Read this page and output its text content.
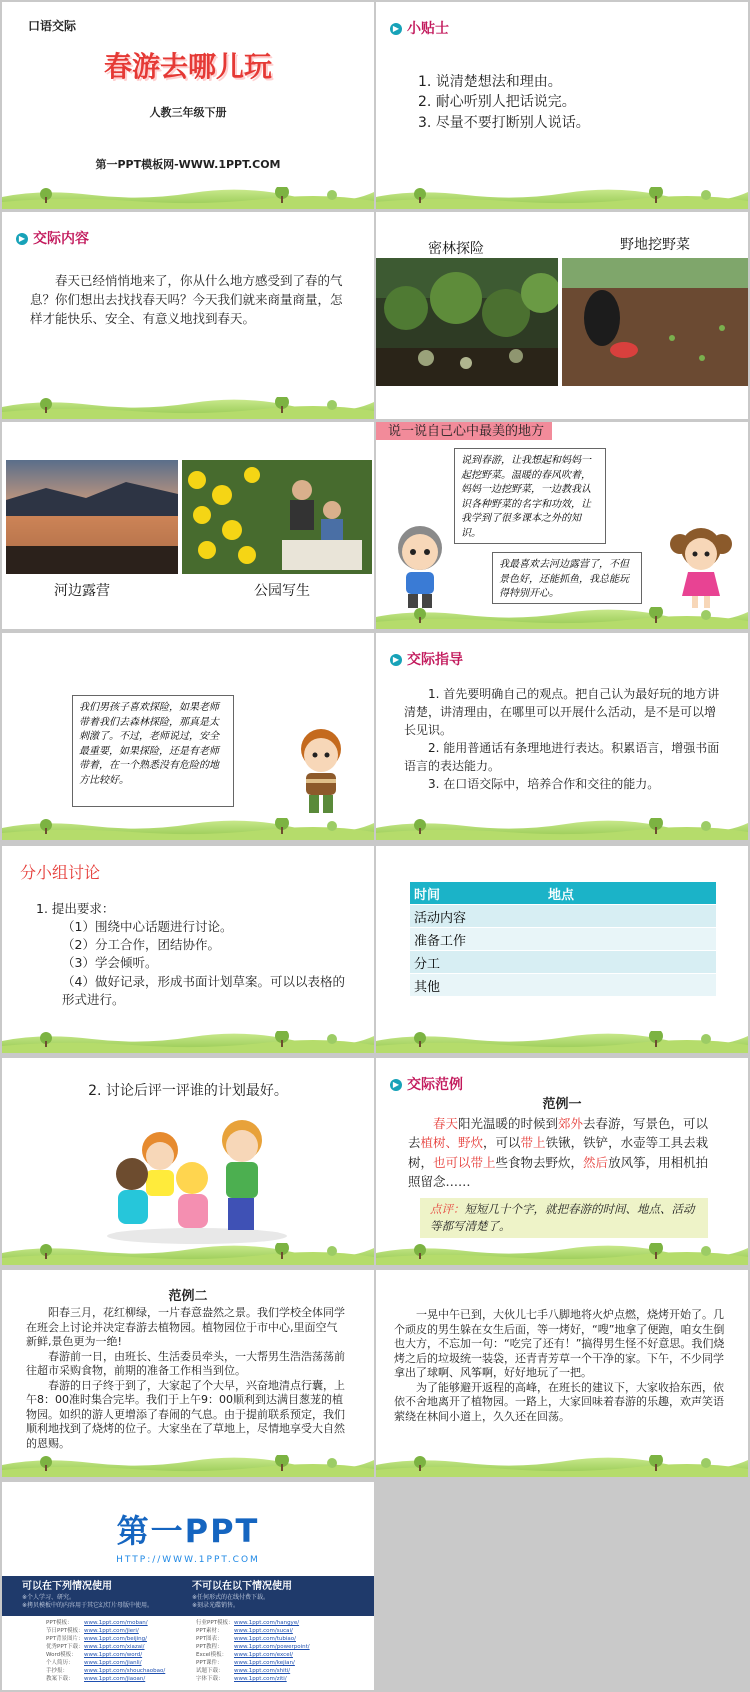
口语交际
春游去哪儿玩
人教三年级下册
第一PPT模板网-WWW.1PPT.COM
▶ 小贴士
1. 说清楚想法和理由。
2. 耐心听别人把话说完。
3. 尽量不要打断别人说话。
▶ 交际内容
春天已经悄悄地来了，你从什么地方感受到了春的气息？你们想出去找找春天吗？今天我们就来商量商量，怎样才能快乐、安全、有意义地找到春天。
密林探险	野地挖野菜
河边露营	公园写生
说一说自己心中最美的地方
说到春游，让我想起和妈妈一起挖野菜。温暖的春风吹着，妈妈一边挖野菜，一边教我认识各种野菜的名字和功效，让我学到了很多课本之外的知识。
我最喜欢去河边露营了，不但景色好，还能抓鱼，我总能玩得特别开心。
我们男孩子喜欢探险，如果老师带着我们去森林探险，那真是太刺激了。不过，老师说过，安全最重要，如果探险，还是有老师带着，在一个熟悉没有危险的地方比较好。
▶ 交际指导
1. 首先要明确自己的观点。把自己认为最好玩的地方讲清楚，讲清理由，在哪里可以开展什么活动，是不是可以增长见识。
2. 能用普通话有条理地进行表达。积累语言，增强书面语言的表达能力。
3. 在口语交际中，培养合作和交往的能力。
分小组讨论
1. 提出要求：
（1）围绕中心话题进行讨论。
（2）分工合作，团结协作。
（3）学会倾听。
（4）做好记录，形成书面计划草案。可以以表格的形式进行。
时间		地点
活动内容		
准备工作		
分工		
其他		
2. 讨论后评一评谁的计划最好。	▶ 交际范例
范例一
春天阳光温暖的时候到郊外去春游，写景色，可以去植树、野炊，可以带上铁锹，铁铲，水壶等工具去栽树，也可以带上些食物去野炊，然后放风筝，用相机拍照留念……
点评：短短几十个字，就把春游的时间、地点、活动等都写清楚了。
范例二
阳春三月，花红柳绿，一片春意盎然之景。我们学校全体同学在班会上讨论并决定春游去植物园。植物园位于市中心,里面空气新鲜,景色更为一绝!
春游前一日，由班长、生活委员牵头，一大帮男生浩浩荡荡前往超市采购食物，前期的准备工作相当到位。
春游的日子终于到了，大家起了个大早，兴奋地清点行囊，上午8：00准时集合完毕。我们于上午9：00顺利到达满目葱茏的植物园。如织的游人更增添了春闹的气息。由于提前联系预定，我们顺利地找到了烧烤的位子。大家坐在了草地上，尽情地享受大自然的恩赐。
一晃中午已到，大伙儿七手八脚地将火炉点燃，烧烤开始了。几个顽皮的男生躲在女生后面，等一烤好，“嗖”地拿了便跑，咱女生倒也大方，不忘加一句：“吃完了还有！”搞得男生怪不好意思。我们烧烤之后的垃圾统一装袋，还青青芳草一个干净的家。下午，不少同学拿出了球啊、风筝啊，好好地玩了一把。
为了能够避开返程的高峰，在班长的建议下，大家收拾东西，依依不舍地离开了植物园。一路上，大家回味着春游的乐趣，欢声笑语萦绕在林间小道上，久久还在回荡。
第一PPT
HTTP://WWW.1PPT.COM
可以在下列情况使用
※个人学习、研究。
※拷贝模板中的内容用于其它幻灯片母版中使用。
不可以在以下情况使用
※任何形式的在线付费下载。
※刻录光碟销售。
PPT模板： www.1ppt.com/moban/
节日PPT模板：www.1ppt.com/jieri/
PPT背景图片：www.1ppt.com/beijing/
优秀PPT下载：www.1ppt.com/xiazai/
Word模板： www.1ppt.com/word/
个人简历： www.1ppt.com/jianli/
手抄报：	www.1ppt.com/shouchaobao/
教案下载： www.1ppt.com/jiaoan/
行业PPT模板：www.1ppt.com/hangye/
PPT素材： www.1ppt.com/sucai/
PPT图表： www.1ppt.com/tubiao/
PPT教程： www.1ppt.com/powerpoint/
Excel模板： www.1ppt.com/excel/
PPT课件： www.1ppt.com/kejian/
试题下载： www.1ppt.com/shiti/
字体下载： www.1ppt.com/ziti/
